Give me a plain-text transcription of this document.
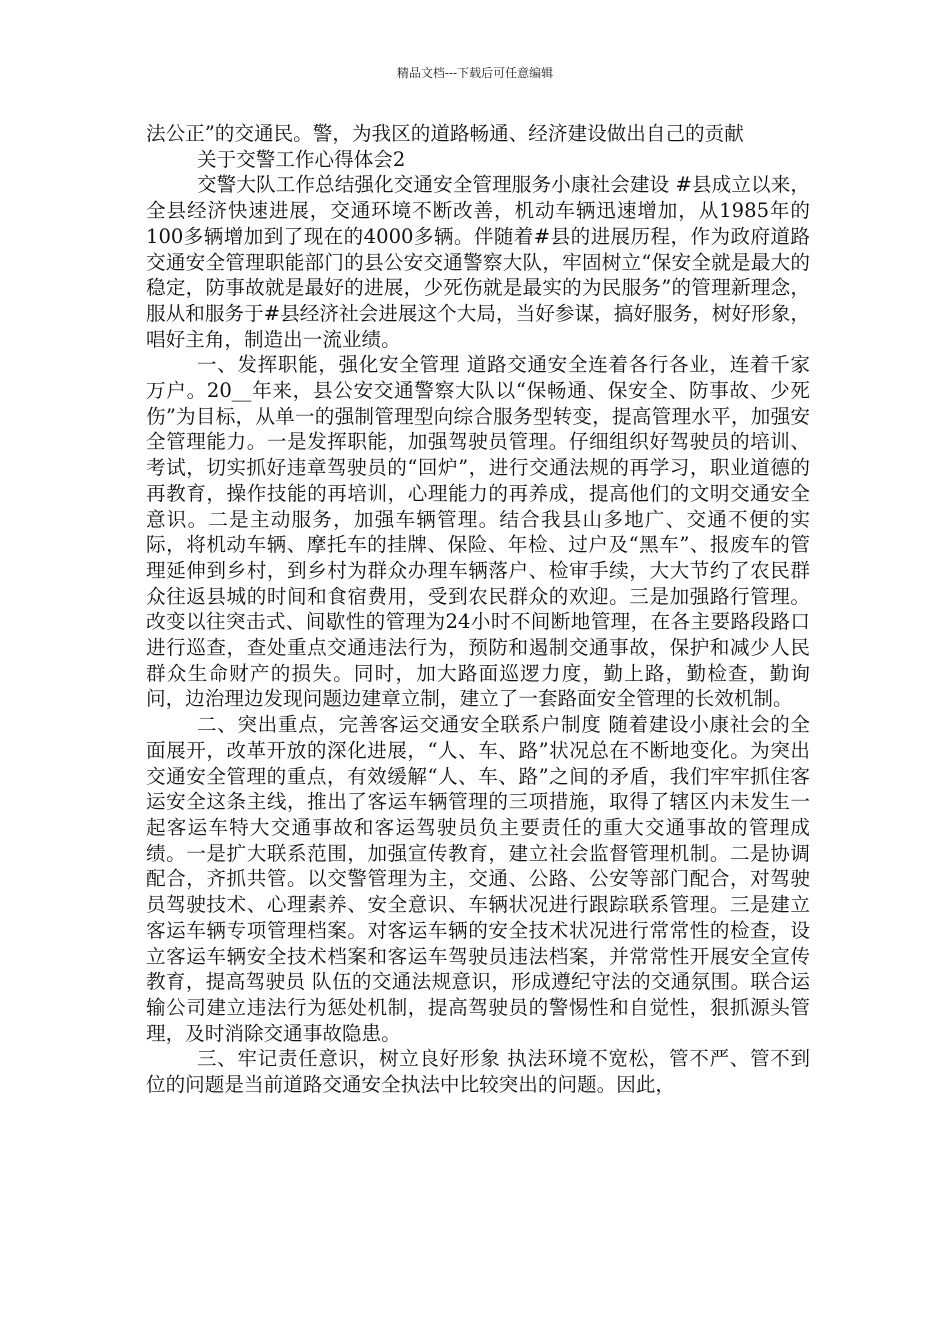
精品文档---下载后可任意编辑

法公正”的交通民。警，为我区的道路畅通、经济建设做出自己的贡献

关于交警工作心得体会2

交警大队工作总结强化交通安全管理服务小康社会建设 #县成立以来，全县经济快速进展，交通环境不断改善，机动车辆迅速增加，从1985年的100多辆增加到了现在的4000多辆。伴随着#县的进展历程，作为政府道路交通安全管理职能部门的县公安交通警察大队，牢固树立“保安全就是最大的稳定，防事故就是最好的进展，少死伤就是最实的为民服务”的管理新理念，服从和服务于#县经济社会进展这个大局，当好参谋，搞好服务，树好形象，唱好主角，制造出一流业绩。

一、发挥职能，强化安全管理 道路交通安全连着各行各业，连着千家万户。20__年来，县公安交通警察大队以“保畅通、保安全、防事故、少死伤”为目标，从单一的强制管理型向综合服务型转变，提高管理水平，加强安全管理能力。一是发挥职能，加强驾驶员管理。仔细组织好驾驶员的培训、考试，切实抓好违章驾驶员的“回炉”，进行交通法规的再学习，职业道德的再教育，操作技能的再培训，心理能力的再养成，提高他们的文明交通安全意识。二是主动服务，加强车辆管理。结合我县山多地广、交通不便的实际，将机动车辆、摩托车的挂牌、保险、年检、过户及“黑车”、报废车的管理延伸到乡村，到乡村为群众办理车辆落户、检审手续，大大节约了农民群众往返县城的时间和食宿费用，受到农民群众的欢迎。三是加强路行管理。改变以往突击式、间歇性的管理为24小时不间断地管理，在各主要路段路口进行巡查，查处重点交通违法行为，预防和遏制交通事故，保护和减少人民群众生命财产的损失。同时，加大路面巡逻力度，勤上路，勤检查，勤询问，边治理边发现问题边建章立制，建立了一套路面安全管理的长效机制。

二、突出重点，完善客运交通安全联系户制度 随着建设小康社会的全面展开，改革开放的深化进展，“人、车、路”状况总在不断地变化。为突出交通安全管理的重点，有效缓解“人、车、路”之间的矛盾，我们牢牢抓住客运安全这条主线，推出了客运车辆管理的三项措施，取得了辖区内未发生一起客运车特大交通事故和客运驾驶员负主要责任的重大交通事故的管理成绩。一是扩大联系范围，加强宣传教育，建立社会监督管理机制。二是协调配合，齐抓共管。以交警管理为主，交通、公路、公安等部门配合，对驾驶员驾驶技术、心理素养、安全意识、车辆状况进行跟踪联系管理。三是建立客运车辆专项管理档案。对客运车辆的安全技术状况进行常常性的检查，设立客运车辆安全技术档案和客运车驾驶员违法档案，并常常性开展安全宣传教育，提高驾驶员 队伍的交通法规意识，形成遵纪守法的交通氛围。联合运输公司建立违法行为惩处机制，提高驾驶员的警惕性和自觉性，狠抓源头管理，及时消除交通事故隐患。

三、牢记责任意识，树立良好形象 执法环境不宽松，管不严、管不到位的问题是当前道路交通安全执法中比较突出的问题。因此，
